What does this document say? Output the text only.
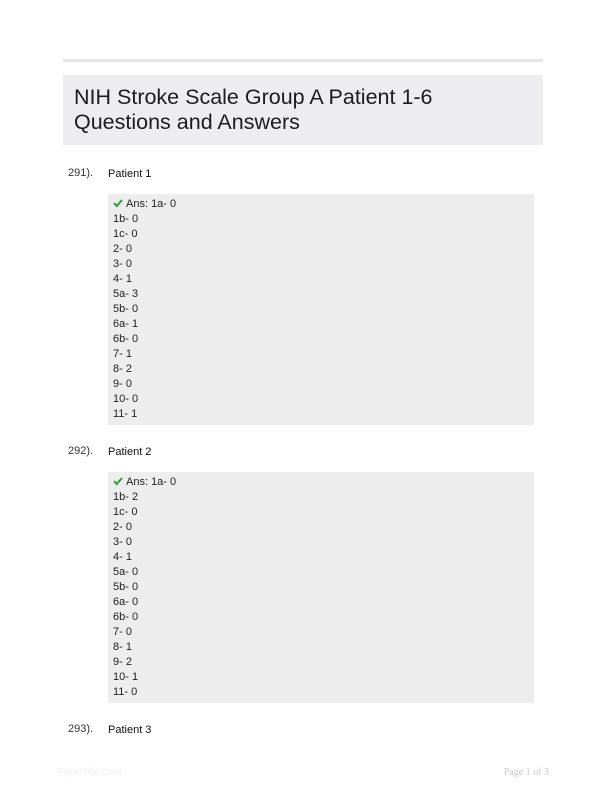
NIH Stroke Scale Group A Patient 1-6 Questions and Answers
291). Patient 1
Ans: 1a- 0
1b- 0
1c- 0
2- 0
3- 0
4- 1
5a- 3
5b- 0
6a- 1
6b- 0
7- 1
8- 2
9- 0
10- 0
11- 1
292). Patient 2
Ans: 1a- 0
1b- 2
1c- 0
2- 0
3- 0
4- 1
5a- 0
5b- 0
6a- 0
6b- 0
7- 0
8- 1
9- 2
10- 1
11- 0
293). Patient 3
PaperBlic.com	Page 1 of 3
